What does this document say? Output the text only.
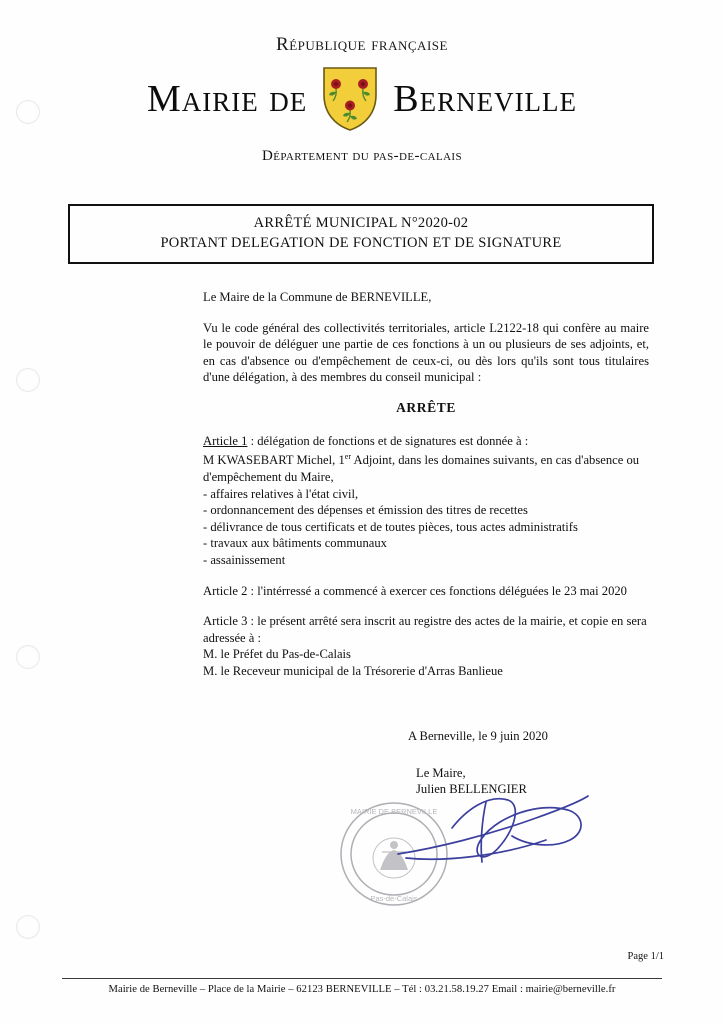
République française
Mairie de berneville
Département du pas-de-calais
ARRÊTÉ MUNICIPAL N°2020-02
PORTANT DELEGATION DE FONCTION ET DE SIGNATURE

Le Maire de la Commune de BERNEVILLE,

Vu le code général des collectivités territoriales, article L2122-18 qui confère au maire le pouvoir de déléguer une partie de ces fonctions à un ou plusieurs de ses adjoints, et, en cas d'absence ou d'empêchement de ceux-ci, ou dès lors qu'ils sont tous titulaires d'une délégation, à des membres du conseil municipal :

ARRÊTE

Article 1 : délégation de fonctions et de signatures est donnée à :
M KWASEBART Michel, 1er Adjoint, dans les domaines suivants, en cas d'absence ou d'empêchement du Maire,

- affaires relatives à l'état civil,
- ordonnancement des dépenses et émission des titres de recettes
- délivrance de tous certificats et de toutes pièces, tous actes administratifs
- travaux aux bâtiments communaux
- assainissement

Article 2 : l'intérressé a commencé à exercer ces fonctions déléguées le 23 mai 2020

Article 3 : le présent arrêté sera inscrit au registre des actes de la mairie, et copie en sera adressée à :

M. le Préfet du Pas-de-Calais
M. le Receveur municipal de la Trésorerie d'Arras Banlieue
A Berneville, le 9 juin 2020
Le Maire,
Julien BELLENGIER
MAIRIE DE BERNEVILLE
Pas-de-Calais
Page 1/1
Mairie de Berneville – Place de la Mairie – 62123 BERNEVILLE – Tél : 03.21.58.19.27 Email : mairie@berneville.fr
